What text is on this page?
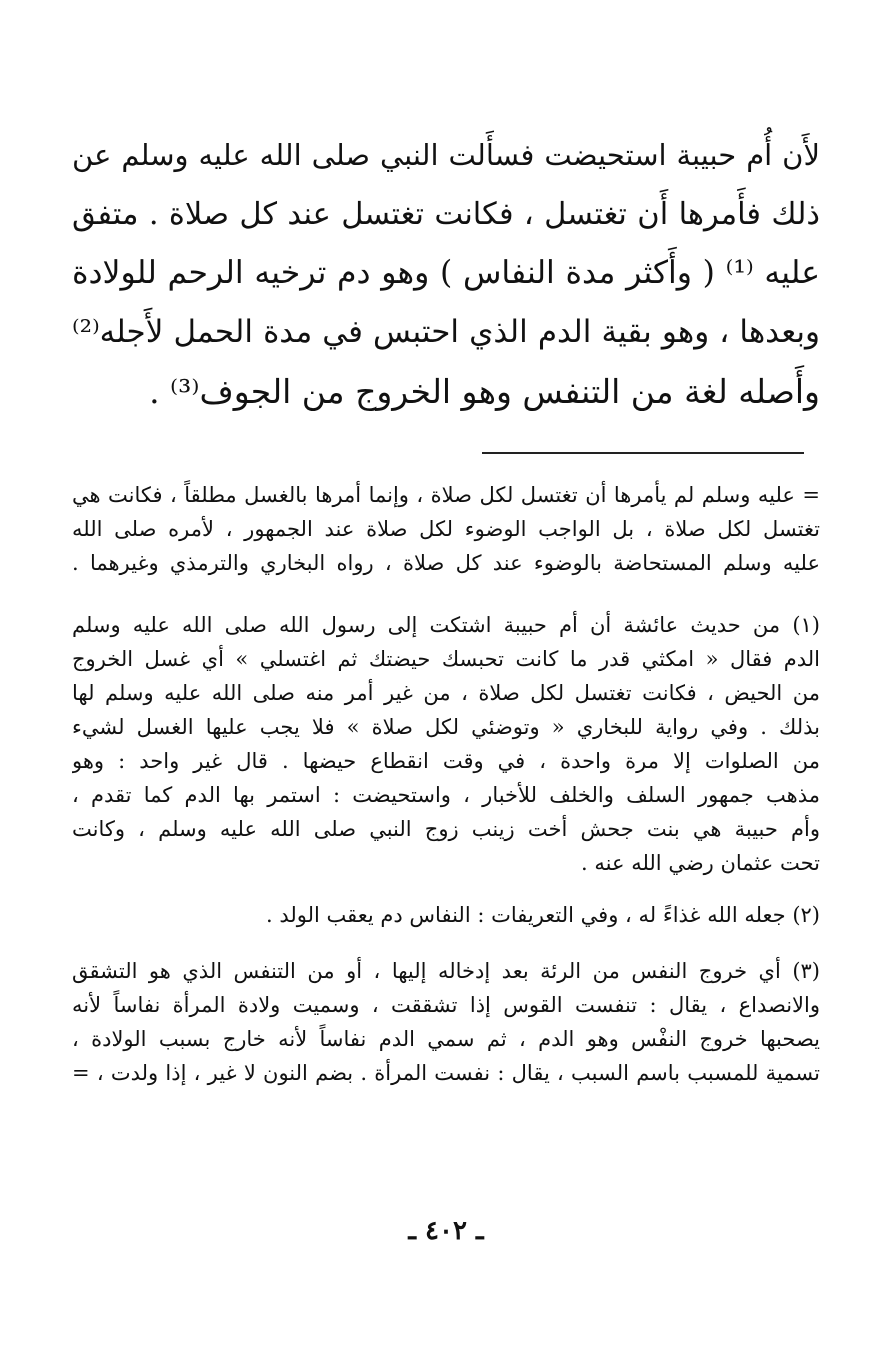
لأَن أُم حبيبة استحيضت فسأَلت النبي صلى الله عليه وسلم عن
ذلك فأَمرها أَن تغتسل ، فكانت تغتسل عند كل صلاة . متفق
عليه ⁽¹⁾ ( وأَكثر مدة النفاس ) وهو دم ترخيه الرحم للولادة
وبعدها ، وهو بقية الدم الذي احتبس في مدة الحمل لأَجله⁽²⁾
وأَصله لغة من التنفس وهو الخروج من الجوف⁽³⁾ .
= عليه وسلم لم يأمرها أن تغتسل لكل صلاة ، وإنما أمرها بالغسل مطلقاً ، فكانت هي
تغتسل لكل صلاة ، بل الواجب الوضوء لكل صلاة عند الجمهور ، لأمره صلى الله
عليه وسلم المستحاضة بالوضوء عند كل صلاة ، رواه البخاري والترمذي وغيرهما .
(١) من حديث عائشة أن أم حبيبة اشتكت إلى رسول الله صلى الله عليه وسلم
الدم فقال « امكثي قدر ما كانت تحبسك حيضتك ثم اغتسلي » أي غسل الخروج
من الحيض ، فكانت تغتسل لكل صلاة ، من غير أمر منه صلى الله عليه وسلم لها
بذلك . وفي رواية للبخاري « وتوضئي لكل صلاة » فلا يجب عليها الغسل لشيء
من الصلوات إلا مرة واحدة ، في وقت انقطاع حيضها . قال غير واحد : وهو
مذهب جمهور السلف والخلف للأخبار ، واستحيضت : استمر بها الدم كما تقدم ،
وأم حبيبة هي بنت جحش أخت زينب زوج النبي صلى الله عليه وسلم ، وكانت
تحت عثمان رضي الله عنه .
(٢) جعله الله غذاءً له ، وفي التعريفات : النفاس دم يعقب الولد .
(٣) أي خروج النفس من الرئة بعد إدخاله إليها ، أو من التنفس الذي هو التشقق
والانصداع ، يقال : تنفست القوس إذا تشققت ، وسميت ولادة المرأة نفاساً لأنه
يصحبها خروج النفْس وهو الدم ، ثم سمي الدم نفاساً لأنه خارج بسبب الولادة ،
تسمية للمسبب باسم السبب ، يقال : نفست المرأة . بضم النون لا غير ، إذا ولدت ، =
ـ ٤٠٢ ـ
